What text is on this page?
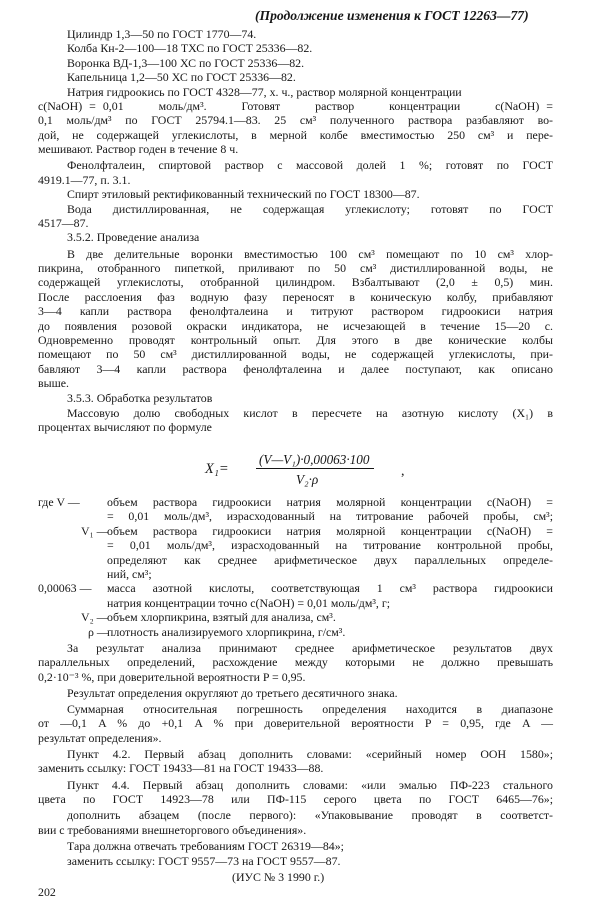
(Продолжение изменения к ГОСТ 12263—77)
Цилиндр 1,3—50 по ГОСТ 1770—74.
Колба Кн-2—100—18 ТХС по ГОСТ 25336—82.
Воронка ВД-1,3—100 ХС по ГОСТ 25336—82.
Капельница 1,2—50 ХС по ГОСТ 25336—82.
Натрия гидроокись по ГОСТ 4328—77, х. ч., раствор молярной концентрации
c(NaOH) = 0,01     моль/дм³.     Готовят     раствор     концентрации     c(NaOH) =
0,1 моль/дм³ по ГОСТ 25794.1—83. 25 см³ полученного раствора разбавляют во-
дой, не содержащей углекислоты, в мерной колбе вместимостью 250 см³ и пере-
мешивают. Раствор годен в течение 8 ч.
Фенолфталеин, спиртовой раствор с массовой долей 1 %; готовят по ГОСТ
4919.1—77, п. 3.1.
Спирт этиловый ректификованный технический по ГОСТ 18300—87.
Вода дистиллированная, не содержащая углекислоту; готовят по ГОСТ
4517—87.
3.5.2. Проведение анализа
В две делительные воронки вместимостью 100 см³ помещают по 10 см³ хлор-
пикрина, отобранного пипеткой, приливают по 50 см³ дистиллированной воды, не
содержащей углекислоты, отобранной цилиндром. Взбалтывают (2,0 ± 0,5) мин.
После расслоения фаз водную фазу переносят в коническую колбу, прибавляют
3—4 капли раствора фенолфталеина и титруют раствором гидроокиси натрия
до появления розовой окраски индикатора, не исчезающей в течение 15—20 с.
Одновременно проводят контрольный опыт. Для этого в две конические колбы
помещают по 50 см³ дистиллированной воды, не содержащей углекислоты, при-
бавляют 3—4 капли раствора фенолфталеина и далее поступают, как описано
выше.
3.5.3. Обработка результатов
Массовую долю свободных кислот в пересчете на азотную кислоту (X₁) в
процентах вычисляют по формуле
X₁=
(V—V₁)·0,00063·100
V₂·ρ
,
где V — объем раствора гидроокиси натрия молярной концентрации c(NaOH) =
= 0,01 моль/дм³, израсходованный на титрование рабочей пробы, см³;
V₁ —
объем раствора гидроокиси натрия молярной концентрации c(NaOH) =
= 0,01 моль/дм³, израсходованный на титрование контрольной пробы,
определяют как среднее арифметическое двух параллельных определе-
ний, см³;
0,00063 — масса азотной кислоты, соответствующая 1 см³ раствора гидроокиси
натрия концентрации точно c(NaOH) = 0,01 моль/дм³, г;
V₂ —
объем хлорпикрина, взятый для анализа, см³.
ρ —
плотность анализируемого хлорпикрина, г/см³.
За результат анализа принимают среднее арифметическое результатов двух
параллельных определений, расхождение между которыми не должно превышать
0,2·10⁻³ %, при доверительной вероятности P = 0,95.
Результат определения округляют до третьего десятичного знака.
Суммарная относительная погрешность определения находится в диапазоне
от —0,1 A % до +0,1 A % при доверительной вероятности P = 0,95, где A —
результат определения».
Пункт 4.2. Первый абзац дополнить словами: «серийный номер ООН 1580»;
заменить ссылку: ГОСТ 19433—81 на ГОСТ 19433—88.
Пункт 4.4. Первый абзац дополнить словами: «или эмалью ПФ-223 стального
цвета по ГОСТ 14923—78 или ПФ-115 серого цвета по ГОСТ 6465—76»;
дополнить абзацем (после первого): «Упаковывание проводят в соответст-
вии с требованиями внешнеторгового объединения».
Тара должна отвечать требованиям ГОСТ 26319—84»;
заменить ссылку: ГОСТ 9557—73 на ГОСТ 9557—87.
(ИУС № 3 1990 г.)
202
